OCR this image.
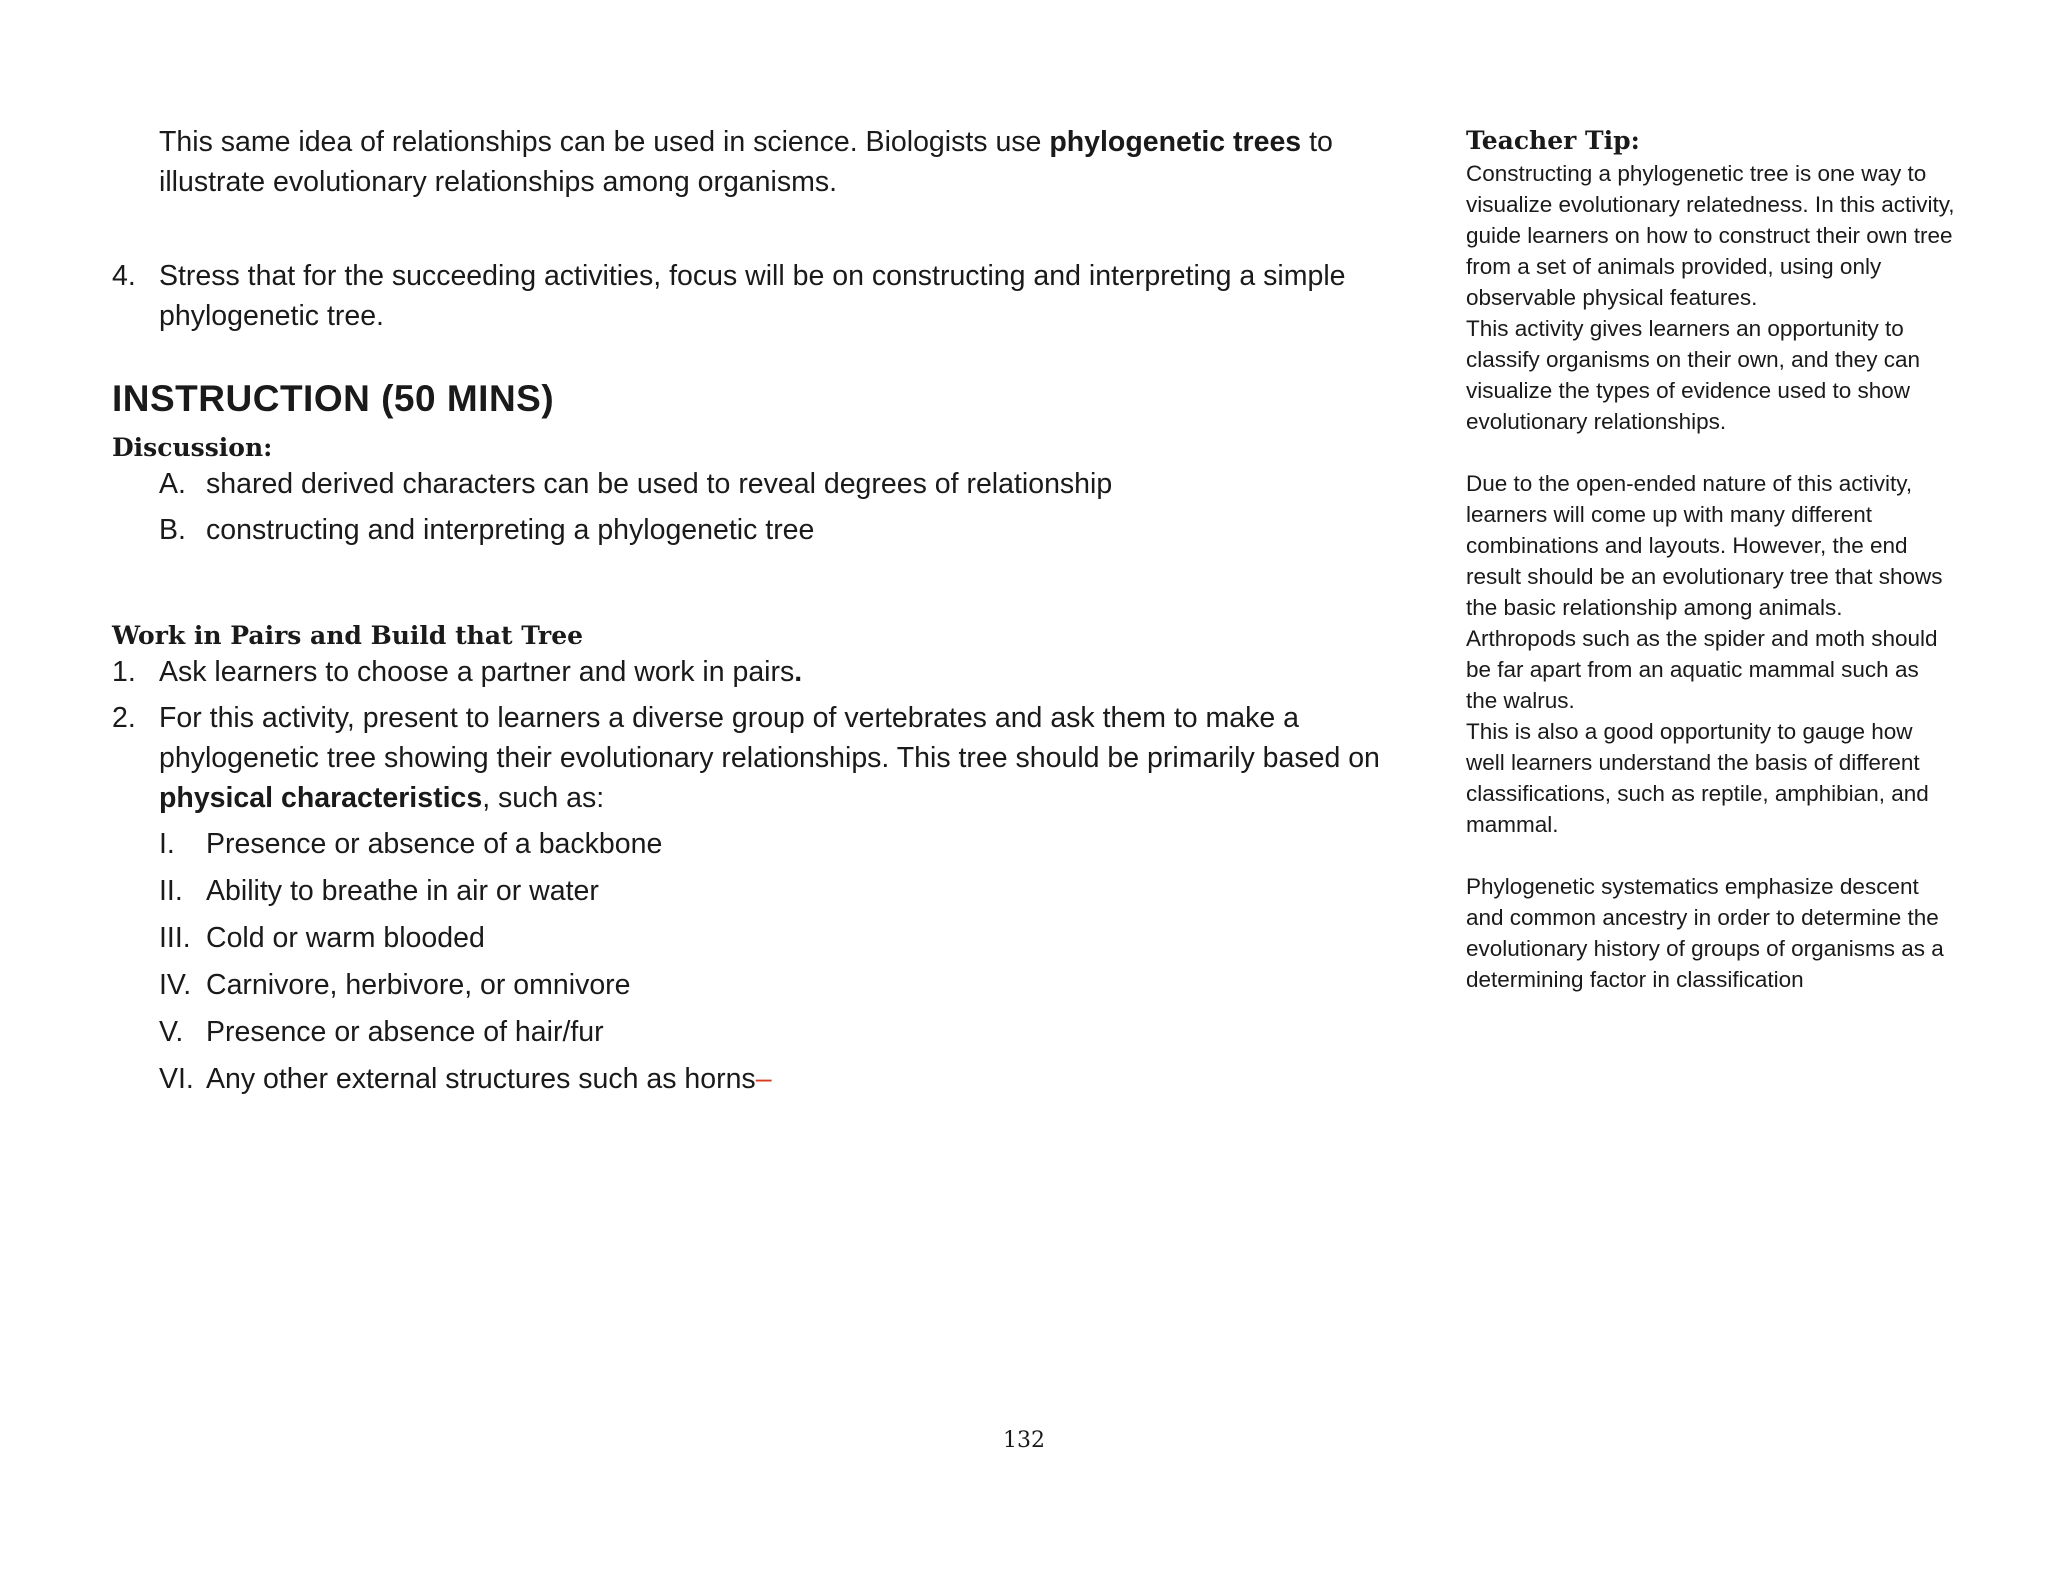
This same idea of relationships can be used in science. Biologists use phylogenetic trees to illustrate evolutionary relationships among organisms.

4. Stress that for the succeeding activities, focus will be on constructing and interpreting a simple phylogenetic tree.
INSTRUCTION (50 MINS)
Discussion:
A. shared derived characters can be used to reveal degrees of relationship
B. constructing and interpreting a phylogenetic tree
Work in Pairs and Build that Tree
1. Ask learners to choose a partner and work in pairs.
2. For this activity, present to learners a diverse group of vertebrates and ask them to make a phylogenetic tree showing their evolutionary relationships. This tree should be primarily based on physical characteristics, such as:
I. Presence or absence of a backbone
II. Ability to breathe in air or water
III. Cold or warm blooded
IV. Carnivore, herbivore, or omnivore
V. Presence or absence of hair/fur
VI. Any other external structures such as horns–
Teacher Tip:
Constructing a phylogenetic tree is one way to visualize evolutionary relatedness. In this activity, guide learners on how to construct their own tree from a set of animals provided, using only observable physical features.
This activity gives learners an opportunity to classify organisms on their own, and they can visualize the types of evidence used to show evolutionary relationships.
Due to the open-ended nature of this activity, learners will come up with many different combinations and layouts. However, the end result should be an evolutionary tree that shows the basic relationship among animals. Arthropods such as the spider and moth should be far apart from an aquatic mammal such as the walrus.
This is also a good opportunity to gauge how well learners understand the basis of different classifications, such as reptile, amphibian, and mammal.
Phylogenetic systematics emphasize descent and common ancestry in order to determine the evolutionary history of groups of organisms as a determining factor in classification
132
